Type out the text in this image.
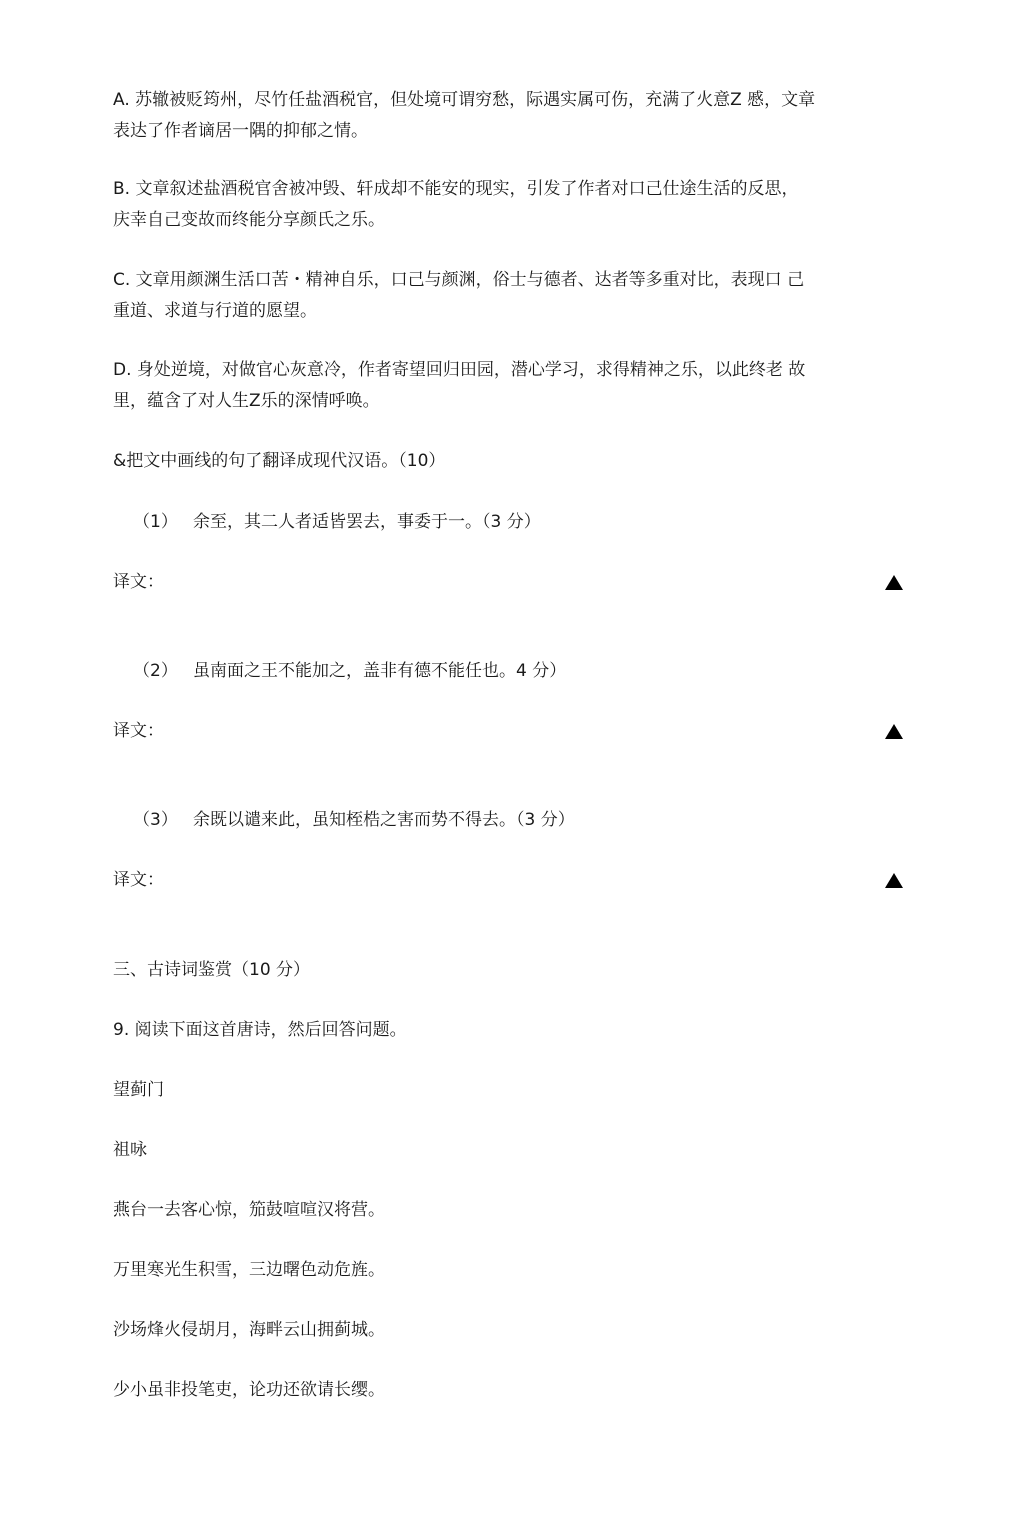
A. 苏辙被贬筠州，尽竹任盐酒税官，但处境可谓穷愁，际遇实属可伤，充满了火意Z 慼，文章
表达了作者谪居一隅的抑郁之情。

B. 文章叙述盐酒税官舍被冲毁、轩成却不能安的现实，引发了作者对口己仕途生活的反思，
庆幸自己变故而终能分享颜氏之乐。

C. 文章用颜渊生活口苦・精神自乐，口己与颜渊，俗士与德者、达者等多重对比，表现口 己
重道、求道与行道的愿望。

D. 身处逆境，对做官心灰意冷，作者寄望回归田园，潜心学习，求得精神之乐，以此终老 故
里，蕴含了对人生Z乐的深情呼唤。

&把文中画线的句了翻译成现代汉语。（10）

（1） 余至，其二人者适皆罢去，事委于一。（3 分）
译文：
（2） 虽南面之王不能加之，盖非有德不能任也。4 分）
译文：
（3） 余既以谴来此，虽知桎梏之害而势不得去。（3 分）
译文：

三、古诗词鉴赏（10 分）

9. 阅读下面这首唐诗，然后回答问题。

望蓟门

祖咏

燕台一去客心惊，笳鼓喧喧汉将营。

万里寒光生积雪，三边曙色动危旌。

沙场烽火侵胡月，海畔云山拥蓟城。

少小虽非投笔吏，论功还欲请长缨。
